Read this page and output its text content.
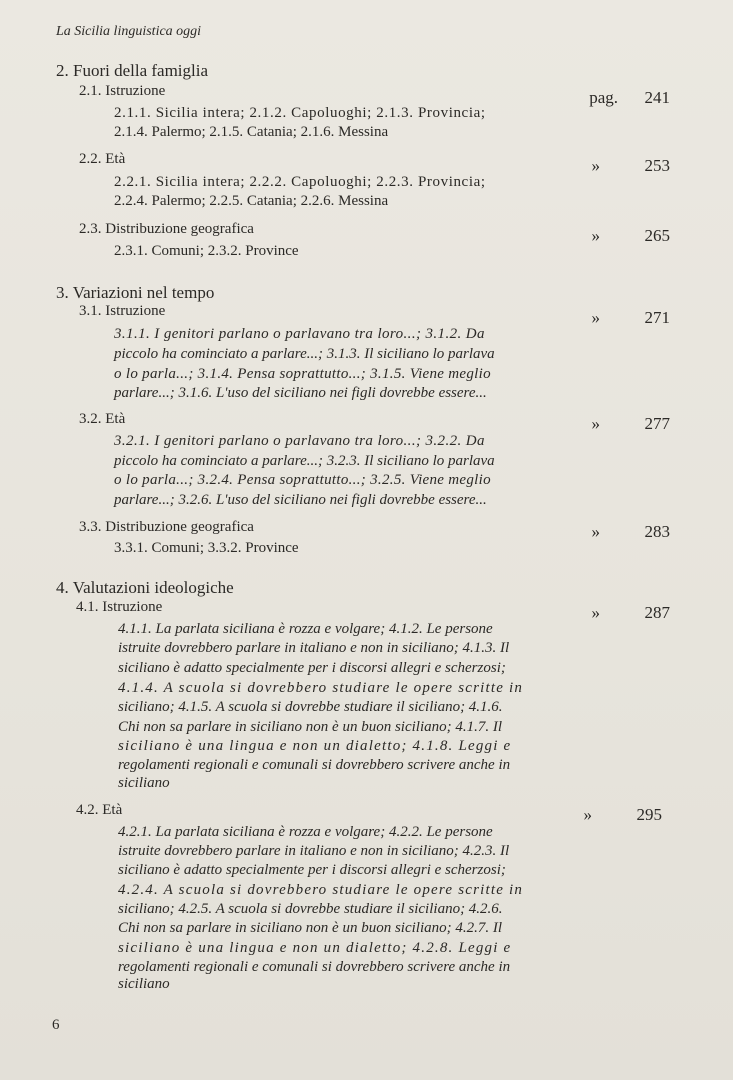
La Sicilia linguistica oggi
2. Fuori della famiglia
2.1. Istruzione	pag. 241
2.1.1. Sicilia intera; 2.1.2. Capoluoghi; 2.1.3. Provincia;
2.1.4. Palermo; 2.1.5. Catania; 2.1.6. Messina
2.2. Età	»	253
2.2.1. Sicilia intera; 2.2.2. Capoluoghi; 2.2.3. Provincia;
2.2.4. Palermo; 2.2.5. Catania; 2.2.6. Messina
2.3. Distribuzione geografica	»	265
2.3.1. Comuni; 2.3.2. Province
3. Variazioni nel tempo
3.1. Istruzione	»	271
3.1.1. I genitori parlano o parlavano tra loro...; 3.1.2. Da
piccolo ha cominciato a parlare...; 3.1.3. Il siciliano lo parlava
o lo parla...; 3.1.4. Pensa soprattutto...; 3.1.5. Viene meglio
parlare...; 3.1.6. L'uso del siciliano nei figli dovrebbe essere...
3.2. Età	»	277
3.2.1. I genitori parlano o parlavano tra loro...; 3.2.2. Da
piccolo ha cominciato a parlare...; 3.2.3. Il siciliano lo parlava
o lo parla...; 3.2.4. Pensa soprattutto...; 3.2.5. Viene meglio
parlare...; 3.2.6. L'uso del siciliano nei figli dovrebbe essere...
3.3. Distribuzione geografica	»	283
3.3.1. Comuni; 3.3.2. Province
4. Valutazioni ideologiche
4.1. Istruzione	»	287
4.1.1. La parlata siciliana è rozza e volgare; 4.1.2. Le persone
istruite dovrebbero parlare in italiano e non in siciliano; 4.1.3. Il
siciliano è adatto specialmente per i discorsi allegri e scherzosi;
4.1.4. A scuola si dovrebbero studiare le opere scritte in
siciliano; 4.1.5. A scuola si dovrebbe studiare il siciliano; 4.1.6.
Chi non sa parlare in siciliano non è un buon siciliano; 4.1.7. Il
siciliano è una lingua e non un dialetto; 4.1.8. Leggi e
regolamenti regionali e comunali si dovrebbero scrivere anche in
siciliano
4.2. Età	»	295
4.2.1. La parlata siciliana è rozza e volgare; 4.2.2. Le persone
istruite dovrebbero parlare in italiano e non in siciliano; 4.2.3. Il
siciliano è adatto specialmente per i discorsi allegri e scherzosi;
4.2.4. A scuola si dovrebbero studiare le opere scritte in
siciliano; 4.2.5. A scuola si dovrebbe studiare il siciliano; 4.2.6.
Chi non sa parlare in siciliano non è un buon siciliano; 4.2.7. Il
siciliano è una lingua e non un dialetto; 4.2.8. Leggi e
regolamenti regionali e comunali si dovrebbero scrivere anche in
siciliano
6
